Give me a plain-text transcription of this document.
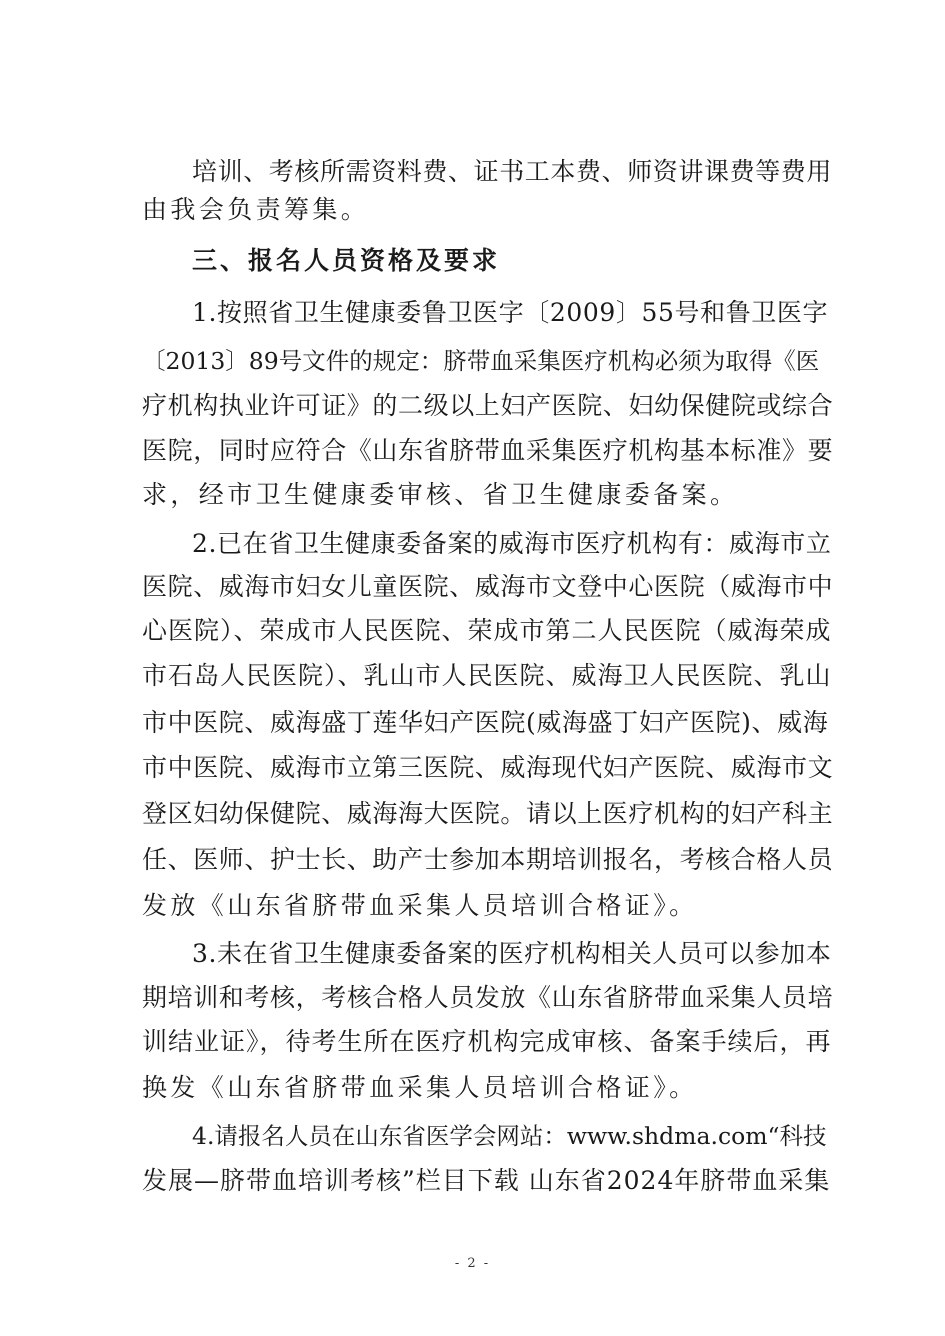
培训、考核所需资料费、证书工本费、师资讲课费等费用
由我会负责筹集。
三、报名人员资格及要求
1.按照省卫生健康委鲁卫医字〔2009〕55号和鲁卫医字
〔2013〕89号文件的规定：脐带血采集医疗机构必须为取得《医
疗机构执业许可证》的二级以上妇产医院、妇幼保健院或综合
医院，同时应符合《山东省脐带血采集医疗机构基本标准》要
求，经市卫生健康委审核、省卫生健康委备案。
2.已在省卫生健康委备案的威海市医疗机构有：威海市立
医院、威海市妇女儿童医院、威海市文登中心医院（威海市中
心医院）、荣成市人民医院、荣成市第二人民医院（威海荣成
市石岛人民医院）、乳山市人民医院、威海卫人民医院、乳山
市中医院、威海盛丁莲华妇产医院(威海盛丁妇产医院)、威海
市中医院、威海市立第三医院、威海现代妇产医院、威海市文
登区妇幼保健院、威海海大医院。请以上医疗机构的妇产科主
任、医师、护士长、助产士参加本期培训报名，考核合格人员
发放《山东省脐带血采集人员培训合格证》。
3.未在省卫生健康委备案的医疗机构相关人员可以参加本
期培训和考核，考核合格人员发放《山东省脐带血采集人员培
训结业证》，待考生所在医疗机构完成审核、备案手续后，再
换发《山东省脐带血采集人员培训合格证》。
4.请报名人员在山东省医学会网站：www.shdma.com“科技
发展—脐带血培训考核”栏目下载 山东省2024年脐带血采集
- 2 -
